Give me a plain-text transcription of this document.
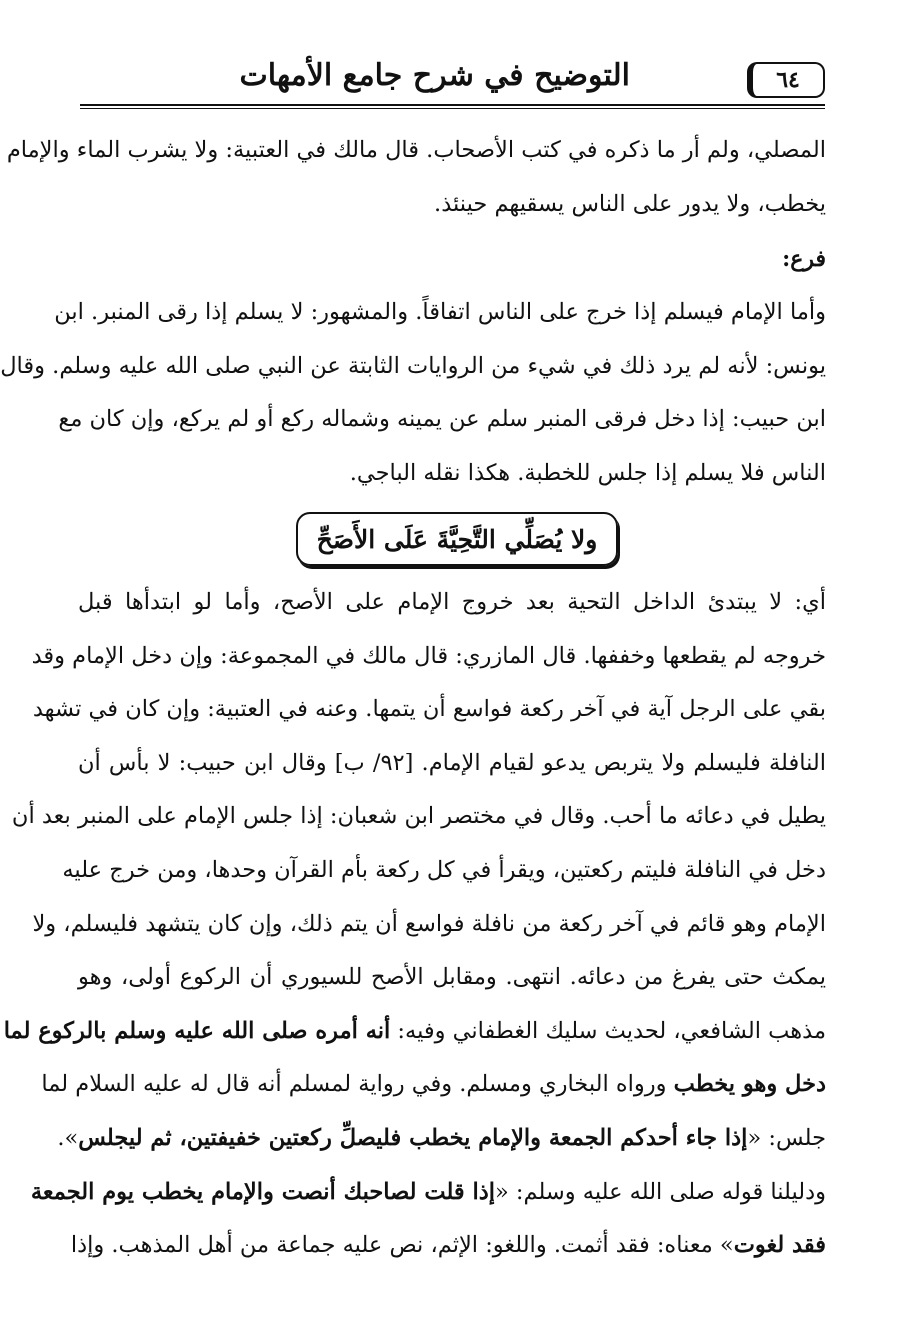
٦٤
التوضيح في شرح جامع الأمهات
المصلي، ولم أر ما ذكره في كتب الأصحاب. قال مالك في العتبية: ولا يشرب الماء والإمام
يخطب، ولا يدور على الناس يسقيهم حينئذ.
فرع:
وأما الإمام فيسلم إذا خرج على الناس اتفاقاً. والمشهور: لا يسلم إذا رقى المنبر. ابن
يونس: لأنه لم يرد ذلك في شيء من الروايات الثابتة عن النبي صلى الله عليه وسلم. وقال
ابن حبيب: إذا دخل فرقى المنبر سلم عن يمينه وشماله ركع أو لم يركع، وإن كان مع
الناس فلا يسلم إذا جلس للخطبة. هكذا نقله الباجي.
ولا يُصَلِّي التَّحِيَّةَ عَلَى الأَصَحِّ
أي: لا يبتدئ الداخل التحية بعد خروج الإمام على الأصح، وأما لو ابتدأها قبل
خروجه لم يقطعها وخففها. قال المازري: قال مالك في المجموعة: وإن دخل الإمام وقد
بقي على الرجل آية في آخر ركعة فواسع أن يتمها. وعنه في العتبية: وإن كان في تشهد
النافلة فليسلم ولا يتربص يدعو لقيام الإمام. [٩٢/ ب] وقال ابن حبيب: لا بأس أن
يطيل في دعائه ما أحب. وقال في مختصر ابن شعبان: إذا جلس الإمام على المنبر بعد أن
دخل في النافلة فليتم ركعتين، ويقرأ في كل ركعة بأم القرآن وحدها، ومن خرج عليه
الإمام وهو قائم في آخر ركعة من نافلة فواسع أن يتم ذلك، وإن كان يتشهد فليسلم، ولا
يمكث حتى يفرغ من دعائه. انتهى. ومقابل الأصح للسيوري أن الركوع أولى، وهو
مذهب الشافعي، لحديث سليك الغطفاني وفيه: أنه أمره صلى الله عليه وسلم بالركوع لما
دخل وهو يخطب ورواه البخاري ومسلم. وفي رواية لمسلم أنه قال له عليه السلام لما
جلس: «إذا جاء أحدكم الجمعة والإمام يخطب فليصلِّ ركعتين خفيفتين، ثم ليجلس».
ودليلنا قوله صلى الله عليه وسلم: «إذا قلت لصاحبك أنصت والإمام يخطب يوم الجمعة
فقد لغوت» معناه: فقد أثمت. واللغو: الإثم، نص عليه جماعة من أهل المذهب. وإذا
